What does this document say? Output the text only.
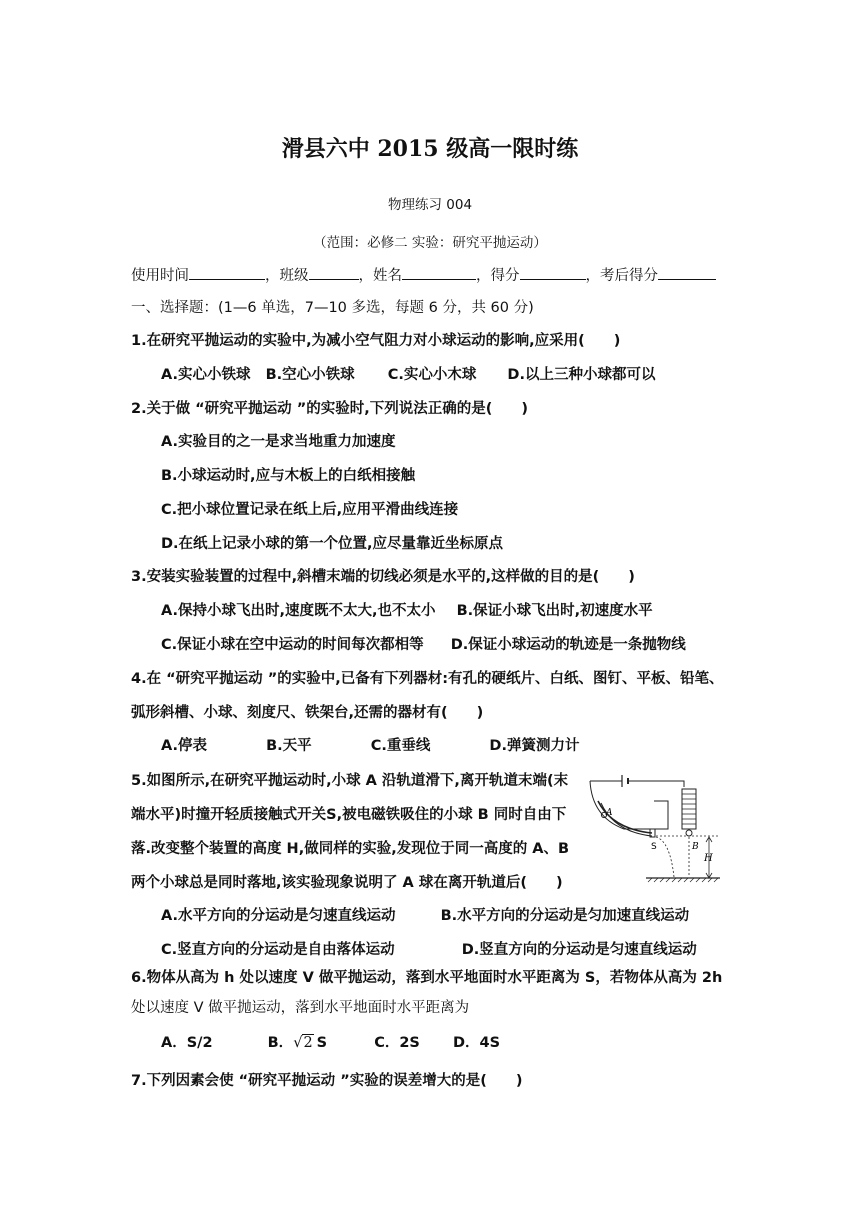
滑县六中 2015 级高一限时练
物理练习 004
（范围：必修二 实验：研究平抛运动）
使用时间	，班级	，姓名	，得分	，考后得分
一、选择题：(1—6 单选，7—10 多选，每题 6 分，共 60 分)
1.在研究平抛运动的实验中,为减小空气阻力对小球运动的影响,应采用(　　)
A.实心小铁球 B.空心小铁球 C.实心小木球 D.以上三种小球都可以
2.关于做 “研究平抛运动 ”的实验时,下列说法正确的是(　　)
A.实验目的之一是求当地重力加速度
B.小球运动时,应与木板上的白纸相接触
C.把小球位置记录在纸上后,应用平滑曲线连接
D.在纸上记录小球的第一个位置,应尽量靠近坐标原点
3.安装实验装置的过程中,斜槽末端的切线必须是水平的,这样做的目的是(　　)
A.保持小球飞出时,速度既不太大,也不太小 B.保证小球飞出时,初速度水平
C.保证小球在空中运动的时间每次都相等 D.保证小球运动的轨迹是一条抛物线
4.在 “研究平抛运动 ”的实验中,已备有下列器材:有孔的硬纸片、白纸、图钉、平板、铅笔、
弧形斜槽、小球、刻度尺、铁架台,还需的器材有(　　)
A.停表	B.天平	C.重垂线	D.弹簧测力计
5.如图所示,在研究平抛运动时,小球 A 沿轨道滑下,离开轨道末端(末
端水平)时撞开轻质接触式开关S,被电磁铁吸住的小球 B 同时自由下
落.改变整个装置的高度 H,做同样的实验,发现位于同一高度的 A、B
两个小球总是同时落地,该实验现象说明了 A 球在离开轨道后(　　)
A
S	B
H
A.水平方向的分运动是匀速直线运动	B.水平方向的分运动是匀加速直线运动
C.竖直方向的分运动是自由落体运动	D.竖直方向的分运动是匀速直线运动
6.物体从高为 h 处以速度 V 做平抛运动，落到水平地面时水平距离为 S，若物体从高为 2h
处以速度 V 做平抛运动，落到水平地面时水平距离为
A．S/2	B．√2 S	C．2S D．4S
7.下列因素会使 “研究平抛运动 ”实验的误差增大的是(　　)
